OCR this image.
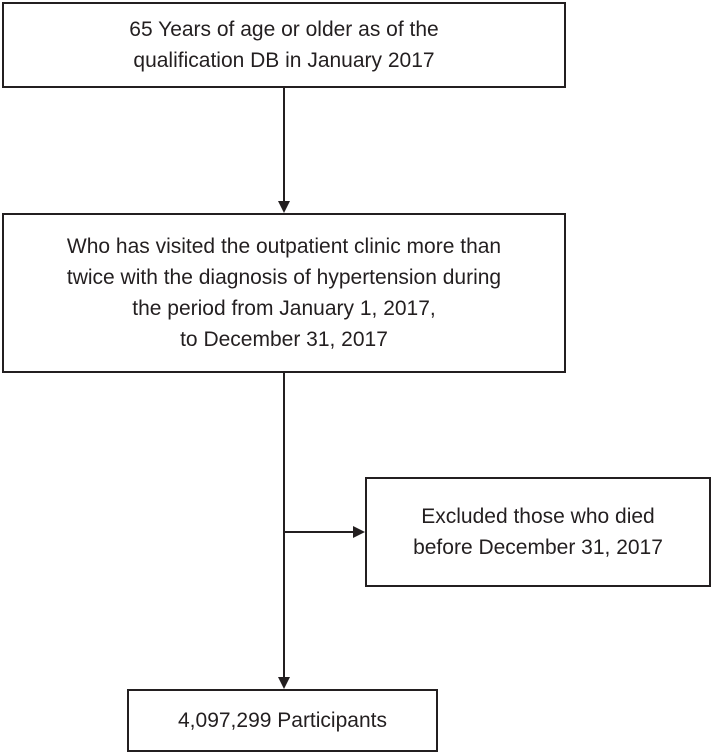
65 Years of age or older as of the
qualification DB in January 2017
Who has visited the outpatient clinic more than
twice with the diagnosis of hypertension during
the period from January 1, 2017,
to December 31, 2017
Excluded those who died
before December 31, 2017
4,097,299 Participants
